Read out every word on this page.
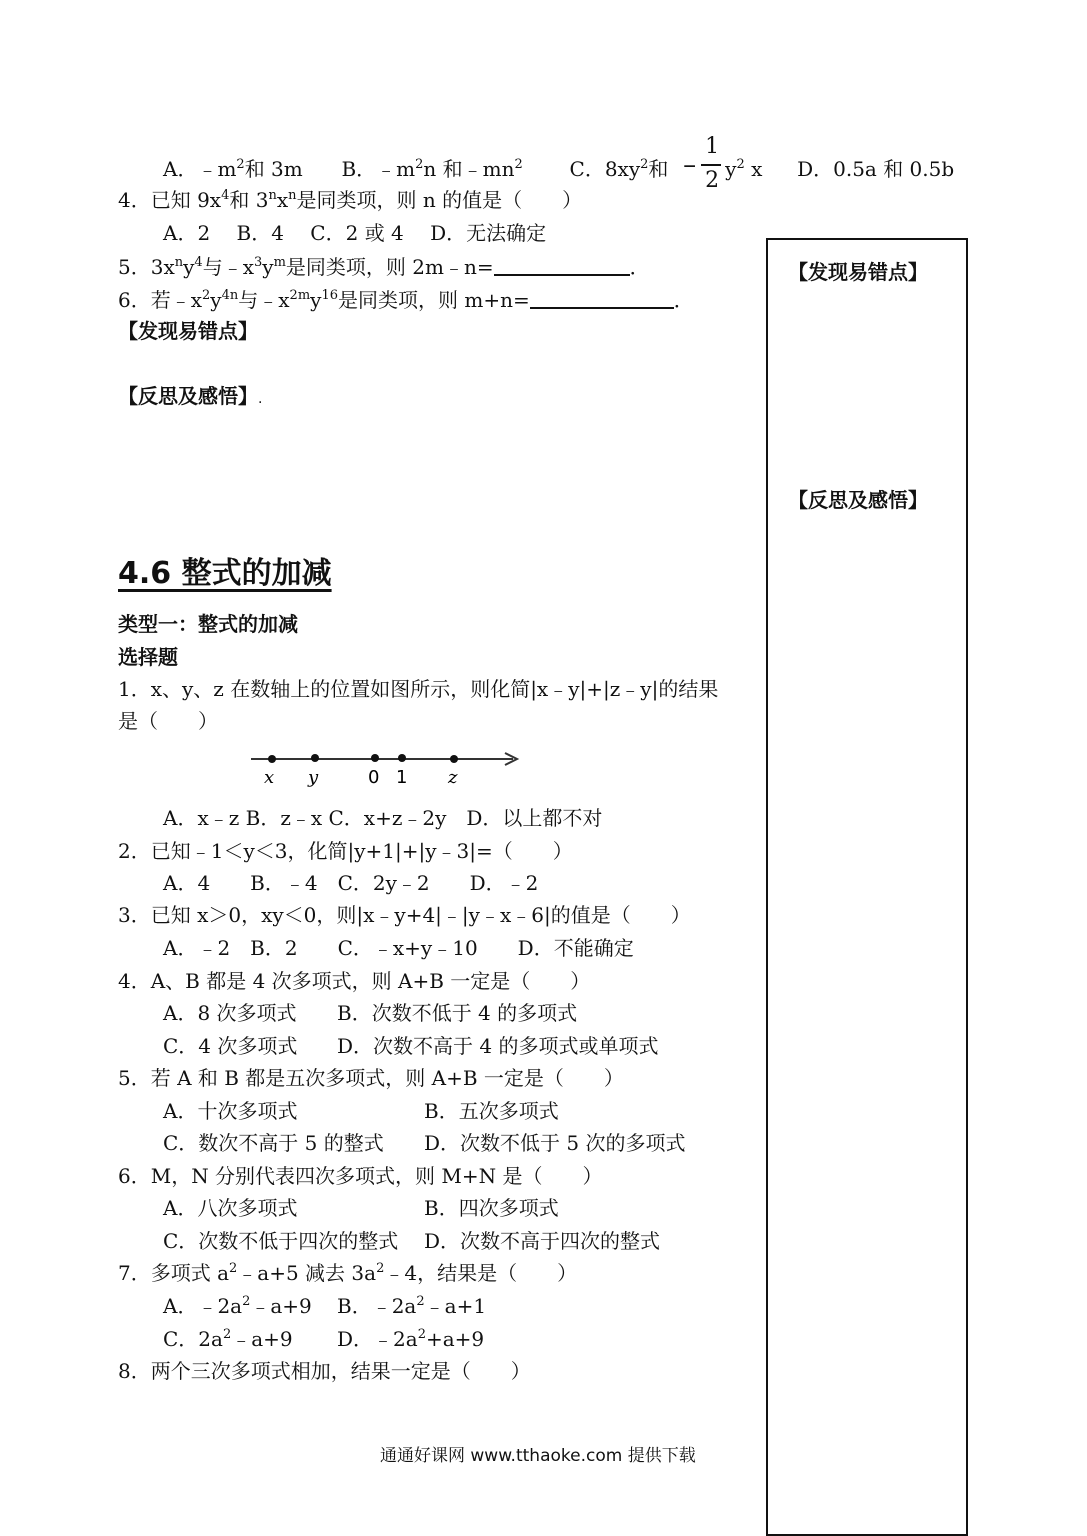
A．$﹣m^2$和 3m B．$﹣m^2n$ 和$﹣mn^2$ C．$8xy^2$和 –
1
2 $y^2$ x D．0.5a 和 0.5b
4．已知 $9x^4$和 $3^nx^n$是同类项，则 n 的值是（　　）
A．2　 B．4　 C．2 或 4　 D．无法确定
5．$3x^ny^4$与$﹣x^3y^m$是同类项，则 2m﹣n=	．
6．若$﹣x^2y^{4n}$与$﹣x^{2m}y^{16}$是同类项，则 m+n=	．
【发现易错点】
【反思及感悟】.
【发现易错点】
【反思及感悟】
4.6 整式的加减
类型一：整式的加减
选择题
1．x、y、z 在数轴上的位置如图所示，则化简|x﹣y|+|z﹣y|的结果
是（　　）
x y	0 1 z
A．x﹣z B．z﹣x C．x+z﹣2y　D．以上都不对
2．已知﹣1＜y＜3，化简|y+1|+|y﹣3|=（　　）
A．4　　B．﹣4　C．2y﹣2　　D．﹣2
3．已知 x＞0，xy＜0，则|x﹣y+4|﹣|y﹣x﹣6|的值是（　　）
A．﹣2　B．2　　C．﹣x+y﹣10　　D．不能确定
4．A、B 都是 4 次多项式，则 A+B 一定是（　　）
A．8 次多项式 B．次数不低于 4 的多项式
C．4 次多项式 D．次数不高于 4 的多项式或单项式
5．若 A 和 B 都是五次多项式，则 A+B 一定是（　　）
A．十次多项式	B．五次多项式
C．数次不高于 5 的整式 D．次数不低于 5 次的多项式
6．M，N 分别代表四次多项式，则 M+N 是（　　）
A．八次多项式	B．四次多项式
C．次数不低于四次的整式 D．次数不高于四次的整式
7．多项式 $a^2﹣a+5$ 减去 $3a^2﹣4$，结果是（　　）
A．$﹣2a^2﹣a+9$ B．$﹣2a^2﹣a+1$
C．$2a^2﹣a+9$ D．$﹣2a^2+a+9$
8．两个三次多项式相加，结果一定是（　　）
通通好课网 www.tthaoke.com 提供下载
